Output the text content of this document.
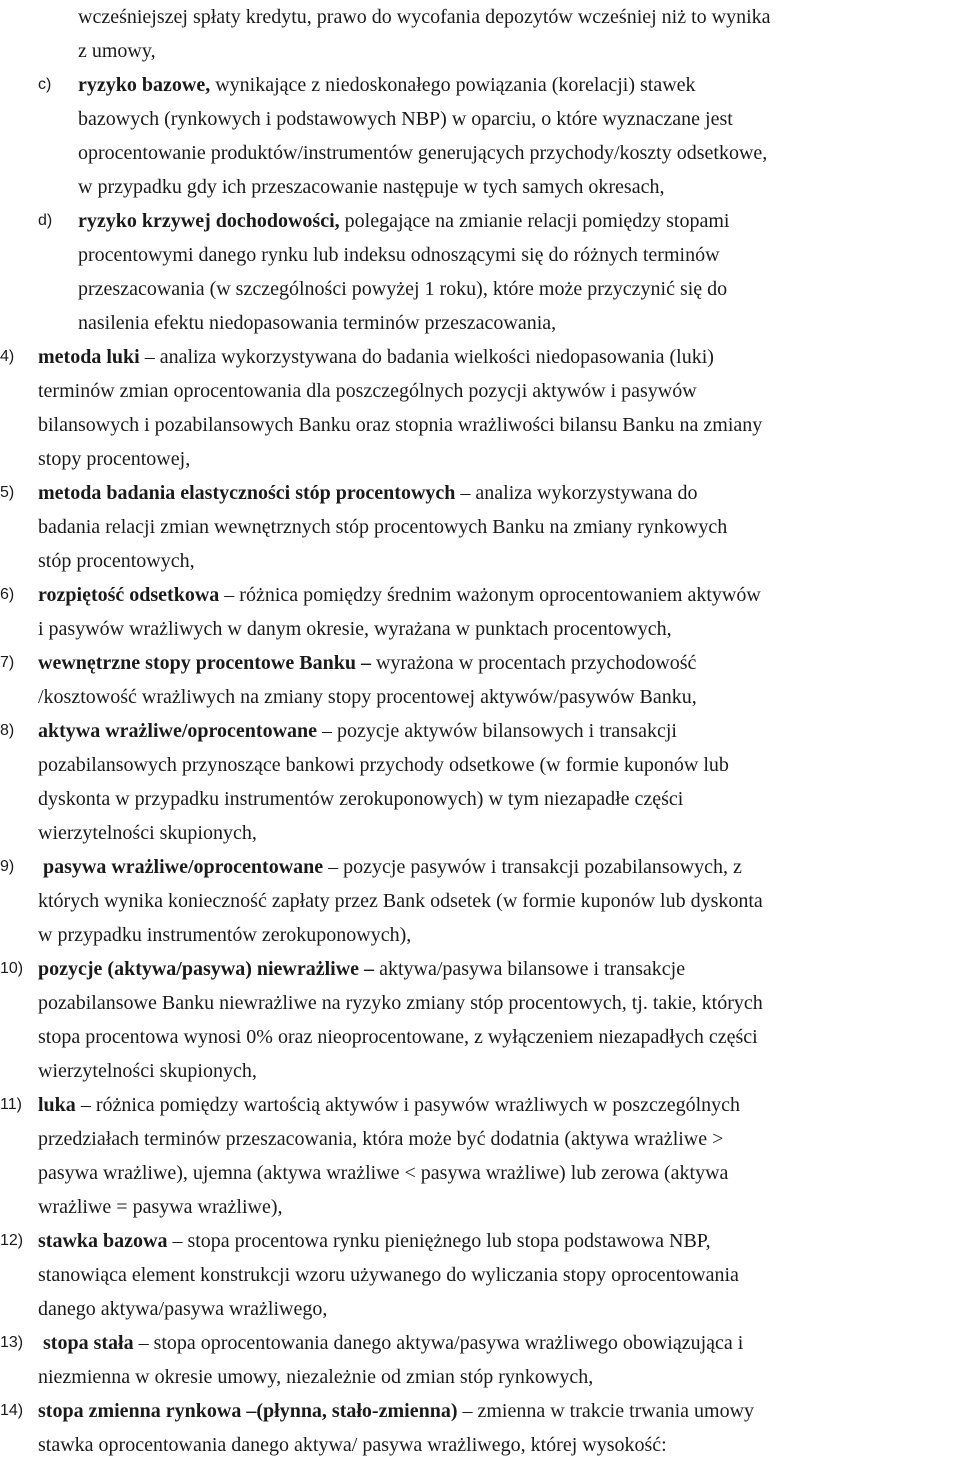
wcześniejszej spłaty kredytu, prawo do wycofania depozytów wcześniej niż to wynika
z umowy,
c) ryzyko bazowe, wynikające z niedoskonałego powiązania (korelacji) stawek
bazowych (rynkowych i podstawowych NBP) w oparciu, o które wyznaczane jest
oprocentowanie produktów/instrumentów generujących przychody/koszty odsetkowe,
w przypadku gdy ich przeszacowanie następuje w tych samych okresach,
d) ryzyko krzywej dochodowości, polegające na zmianie relacji pomiędzy stopami
procentowymi danego rynku lub indeksu odnoszącymi się do różnych terminów
przeszacowania (w szczególności powyżej 1 roku), które może przyczynić się do
nasilenia efektu niedopasowania terminów przeszacowania,
4) metoda luki – analiza wykorzystywana do badania wielkości niedopasowania (luki)
terminów zmian oprocentowania dla poszczególnych pozycji aktywów i pasywów
bilansowych i pozabilansowych Banku oraz stopnia wrażliwości bilansu Banku na zmiany
stopy procentowej,
5) metoda badania elastyczności stóp procentowych – analiza wykorzystywana do
badania relacji zmian wewnętrznych stóp procentowych Banku na zmiany rynkowych
stóp procentowych,
6) rozpiętość odsetkowa – różnica pomiędzy średnim ważonym oprocentowaniem aktywów
i pasywów wrażliwych w danym okresie, wyrażana w punktach procentowych,
7) wewnętrzne stopy procentowe Banku – wyrażona w procentach przychodowość
/kosztowość wrażliwych na zmiany stopy procentowej aktywów/pasywów Banku,
8) aktywa wrażliwe/oprocentowane – pozycje aktywów bilansowych i transakcji
pozabilansowych przynoszące bankowi przychody odsetkowe (w formie kuponów lub
dyskonta w przypadku instrumentów zerokuponowych) w tym niezapadłe części
wierzytelności skupionych,
9) pasywa wrażliwe/oprocentowane – pozycje pasywów i transakcji pozabilansowych, z
których wynika konieczność zapłaty przez Bank odsetek (w formie kuponów lub dyskonta
w przypadku instrumentów zerokuponowych),
10) pozycje (aktywa/pasywa) niewrażliwe – aktywa/pasywa bilansowe i transakcje
pozabilansowe Banku niewrażliwe na ryzyko zmiany stóp procentowych, tj. takie, których
stopa procentowa wynosi 0% oraz nieoprocentowane, z wyłączeniem niezapadłych części
wierzytelności skupionych,
11) luka – różnica pomiędzy wartością aktywów i pasywów wrażliwych w poszczególnych
przedziałach terminów przeszacowania, która może być dodatnia (aktywa wrażliwe >
pasywa wrażliwe), ujemna (aktywa wrażliwe < pasywa wrażliwe) lub zerowa (aktywa
wrażliwe = pasywa wrażliwe),
12) stawka bazowa – stopa procentowa rynku pieniężnego lub stopa podstawowa NBP,
stanowiąca element konstrukcji wzoru używanego do wyliczania stopy oprocentowania
danego aktywa/pasywa wrażliwego,
13) stopa stała – stopa oprocentowania danego aktywa/pasywa wrażliwego obowiązująca i
niezmienna w okresie umowy, niezależnie od zmian stóp rynkowych,
14) stopa zmienna rynkowa –(płynna, stało-zmienna) – zmienna w trakcie trwania umowy
stawka oprocentowania danego aktywa/ pasywa wrażliwego, której wysokość:
